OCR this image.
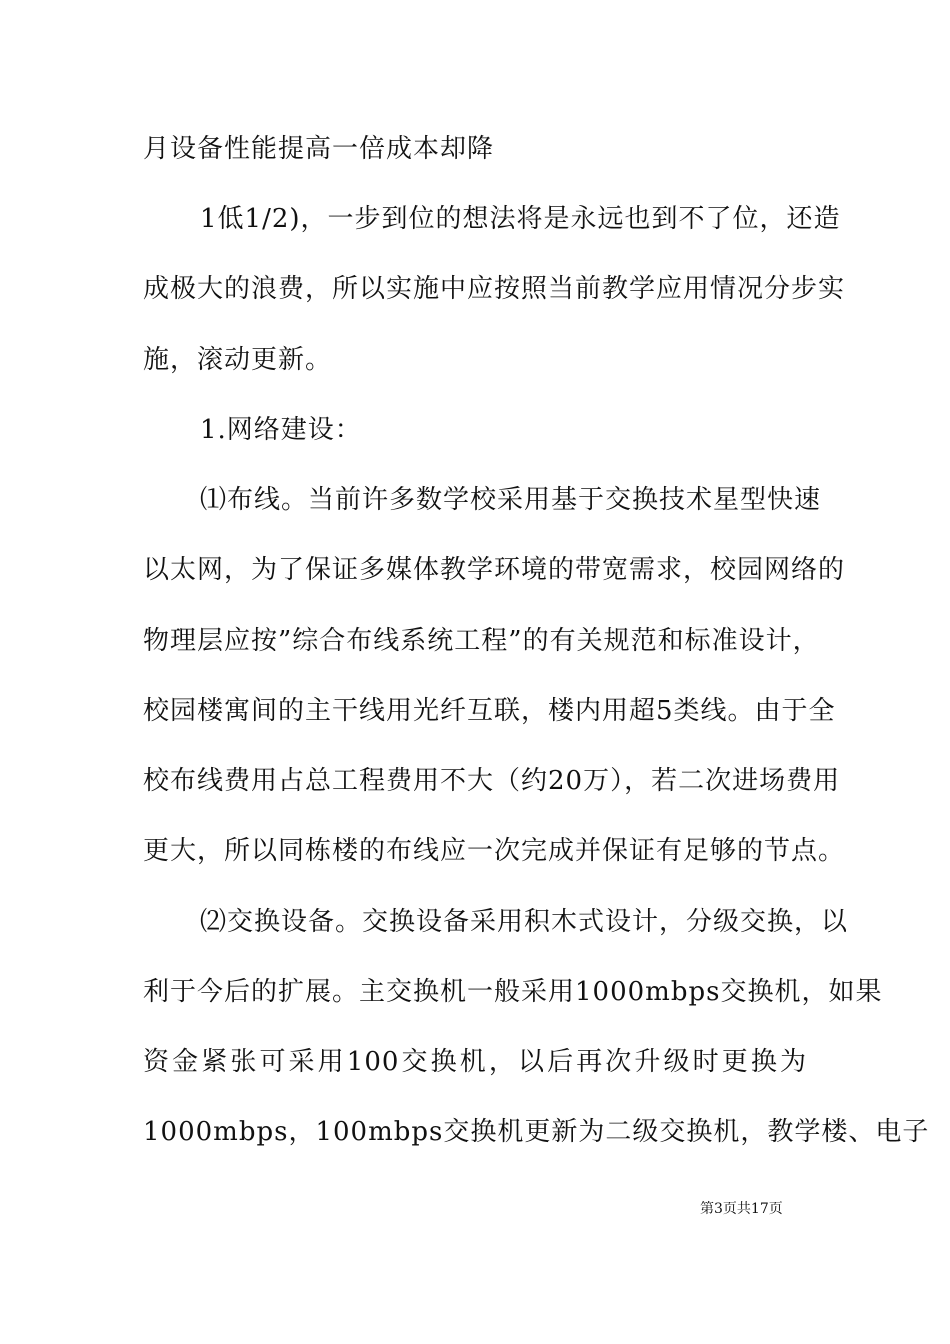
月设备性能提高一倍成本却降
1低1/2)，一步到位的想法将是永远也到不了位，还造
成极大的浪费，所以实施中应按照当前教学应用情况分步实
施，滚动更新。
1.网络建设：
⑴布线。当前许多数学校采用基于交换技术星型快速
以太网，为了保证多媒体教学环境的带宽需求，校园网络的
物理层应按”综合布线系统工程”的有关规范和标准设计，
校园楼寓间的主干线用光纤互联，楼内用超5类线。由于全
校布线费用占总工程费用不大（约20万），若二次进场费用
更大，所以同栋楼的布线应一次完成并保证有足够的节点。
⑵交换设备。交换设备采用积木式设计，分级交换，以
利于今后的扩展。主交换机一般采用1000mbps交换机，如果
资金紧张可采用100交换机，以后再次升级时更换为
1000mbps，100mbps交换机更新为二级交换机，教学楼、电子
第3页共17页
